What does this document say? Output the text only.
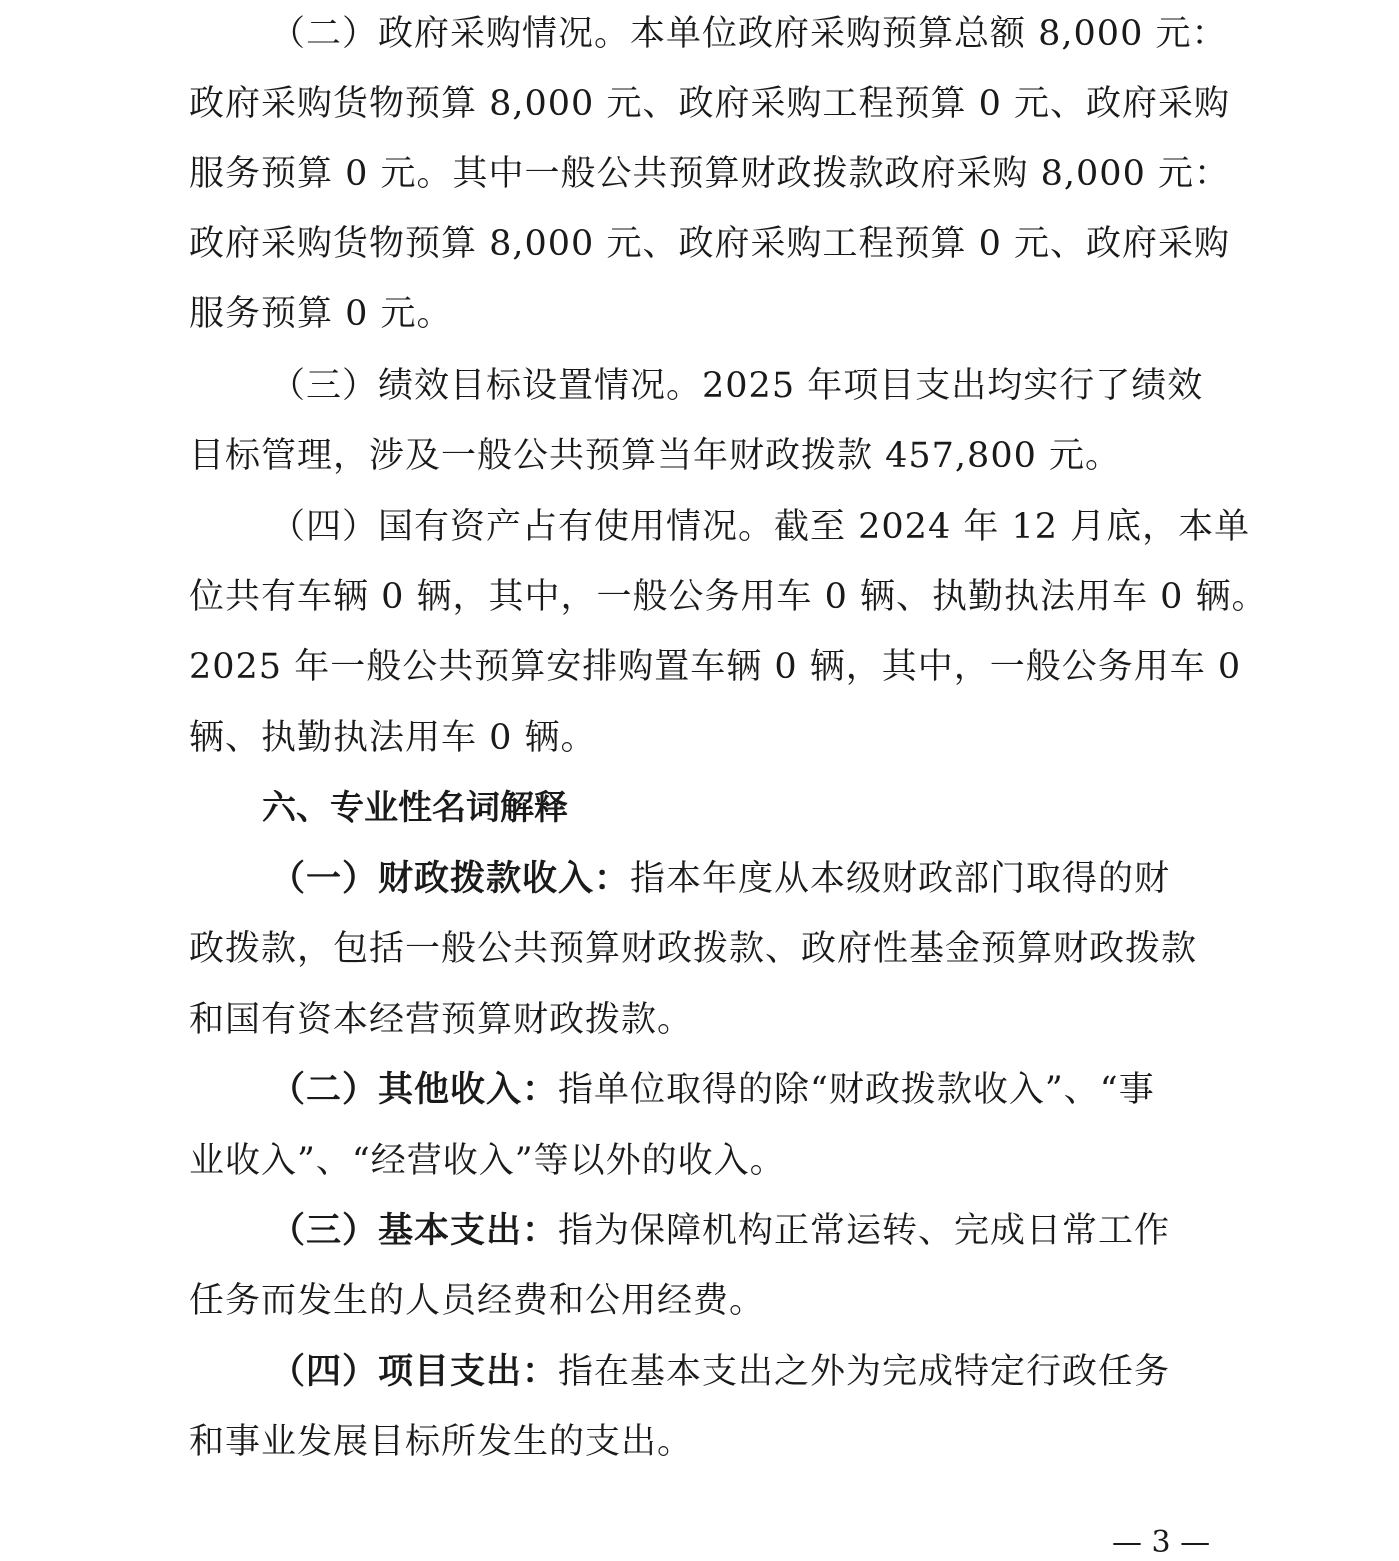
（二）政府采购情况。本单位政府采购预算总额 8,000 元：
政府采购货物预算 8,000 元、政府采购工程预算 0 元、政府采购
服务预算 0 元。其中一般公共预算财政拨款政府采购 8,000 元：
政府采购货物预算 8,000 元、政府采购工程预算 0 元、政府采购
服务预算 0 元。
（三）绩效目标设置情况。2025 年项目支出均实行了绩效
目标管理，涉及一般公共预算当年财政拨款 457,800 元。
（四）国有资产占有使用情况。截至 2024 年 12 月底，本单
位共有车辆 0 辆，其中，一般公务用车 0 辆、执勤执法用车 0 辆。
2025 年一般公共预算安排购置车辆 0 辆，其中，一般公务用车 0
辆、执勤执法用车 0 辆。
六、专业性名词解释
（一）财政拨款收入：指本年度从本级财政部门取得的财
政拨款，包括一般公共预算财政拨款、政府性基金预算财政拨款
和国有资本经营预算财政拨款。
（二）其他收入：指单位取得的除“财政拨款收入”、“事
业收入”、“经营收入”等以外的收入。
（三）基本支出：指为保障机构正常运转、完成日常工作
任务而发生的人员经费和公用经费。
（四）项目支出：指在基本支出之外为完成特定行政任务
和事业发展目标所发生的支出。
— 3 —
